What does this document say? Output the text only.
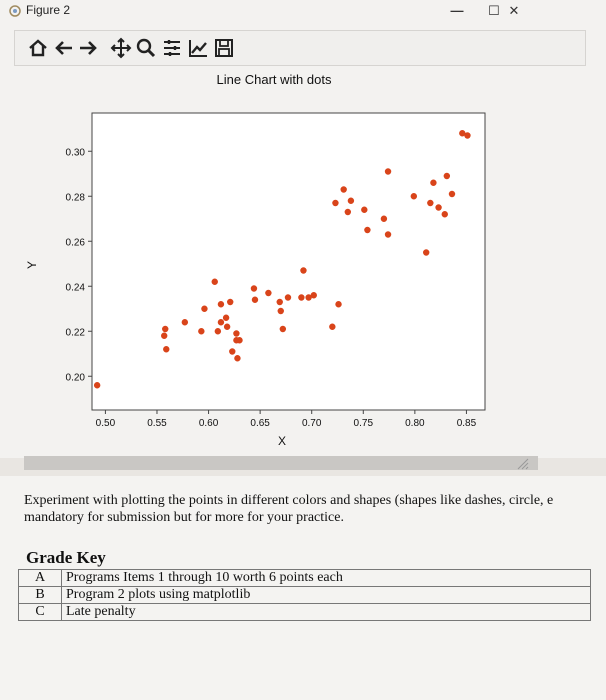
Figure 2	—	☐ ✕
Line Chart with dots
0.20
0.22
0.24
0.26
0.28
0.30
0.50	0.55	0.60	0.65	0.70	0.75	0.80	0.85
X
Y
Experiment with plotting the points in different colors and shapes (shapes like dashes, circle, e
mandatory for submission but for more for your practice.
Grade Key
A	Programs Items 1 through 10 worth 6 points each
B	Program 2 plots using matplotlib
C	Late penalty
